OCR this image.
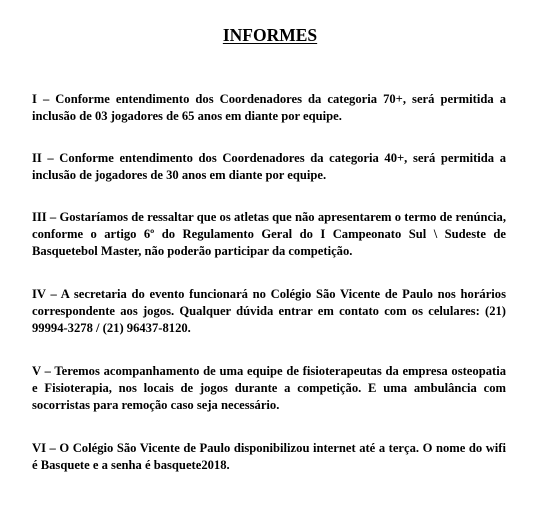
INFORMES

I – Conforme entendimento dos Coordenadores da categoria 70+, será permitida a inclusão de 03 jogadores de 65 anos em diante por equipe.

II – Conforme entendimento dos Coordenadores da categoria 40+, será permitida a inclusão de jogadores de 30 anos em diante por equipe.

III – Gostaríamos de ressaltar que os atletas que não apresentarem o termo de renúncia, conforme o artigo 6º do Regulamento Geral do I Campeonato Sul \ Sudeste de Basquetebol Master, não poderão participar da competição.

IV – A secretaria do evento funcionará no Colégio São Vicente de Paulo nos horários correspondente aos jogos. Qualquer dúvida entrar em contato com os celulares: (21) 99994-3278 / (21) 96437-8120.

V – Teremos acompanhamento de uma equipe de fisioterapeutas da empresa osteopatia e Fisioterapia, nos locais de jogos durante a competição. E uma ambulância com socorristas para remoção caso seja necessário.

VI – O Colégio São Vicente de Paulo disponibilizou internet até a terça. O nome do wifi é Basquete e a senha é basquete2018.
